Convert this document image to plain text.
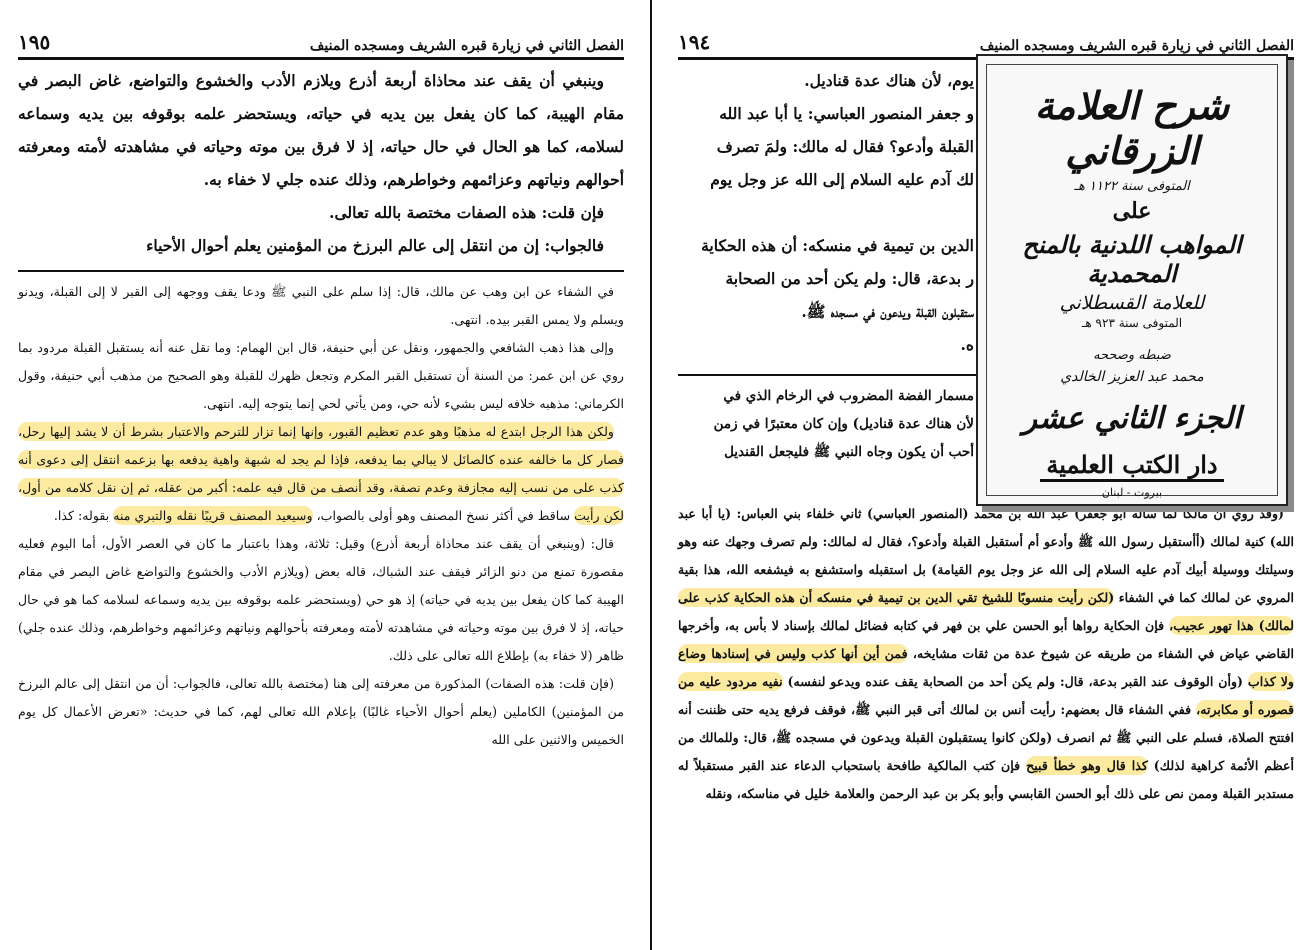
الفصل الثاني في زيارة قبره الشريف ومسجده المنيف
١٩٥

وينبغي أن يقف عند محاذاة أربعة أذرع ويلازم الأدب والخشوع والتواضع، غاض البصر في مقام الهيبة، كما كان يفعل بين يديه في حياته، ويستحضر علمه بوقوفه بين يديه وسماعه لسلامه، كما هو الحال في حال حياته، إذ لا فرق بين موته وحياته في مشاهدته لأمته ومعرفته أحوالهم ونياتهم وعزائمهم وخواطرهم، وذلك عنده جلي لا خفاء به.

فإن قلت: هذه الصفات مختصة بالله تعالى.

فالجواب: إن من انتقل إلى عالم البرزخ من المؤمنين يعلم أحوال الأحياء

في الشفاء عن ابن وهب عن مالك، قال: إذا سلم على النبي ﷺ ودعا يقف ووجهه إلى القبر لا إلى القبلة، ويدنو ويسلم ولا يمس القبر بيده. انتهى.

وإلى هذا ذهب الشافعي والجمهور، ونقل عن أبي حنيفة، قال ابن الهمام: وما نقل عنه أنه يستقبل القبلة مردود بما روي عن ابن عمر: من السنة أن تستقبل القبر المكرم وتجعل ظهرك للقبلة وهو الصحيح من مذهب أبي حنيفة، وقول الكرماني: مذهبه خلافه ليس بشيء لأنه حي، ومن يأتي لحي إنما يتوجه إليه. انتهى.

ولكن هذا الرجل ابتدع له مذهبًا وهو عدم تعظيم القبور، وإنها إنما تزار للترحم والاعتبار بشرط أن لا يشد إليها رحل، فصار كل ما خالفه عنده كالصائل لا يبالي بما يدفعه، فإذا لم يجد له شبهة واهية يدفعه بها بزعمه انتقل إلى دعوى أنه كذب على من نسب إليه مجازفة وعدم نصفة، وقد أنصف من قال فيه علمه: أكبر من عقله، ثم إن نقل كلامه من أول، لكن رأيت ساقط في أكثر نسخ المصنف وهو أولى بالصواب، وسيعيد المصنف قريبًا نقله والتبري منه بقوله: كذا.

قال: (وينبغي أن يقف عند محاذاة أربعة أذرع) وقيل: ثلاثة، وهذا باعتبار ما كان في العصر الأول، أما اليوم فعليه مقصورة تمنع من دنو الزائر فيقف عند الشباك، قاله بعض (ويلازم الأدب والخشوع والتواضع غاض البصر في مقام الهيبة كما كان يفعل بين يديه في حياته) إذ هو حي (ويستحضر علمه بوقوفه بين يديه وسماعه لسلامه كما هو في حال حياته، إذ لا فرق بين موته وحياته في مشاهدته لأمته ومعرفته بأحوالهم ونياتهم وعزائمهم وخواطرهم، وذلك عنده جلي) ظاهر (لا خفاء به) بإطلاع الله تعالى على ذلك.

(فإن قلت: هذه الصفات) المذكورة من معرفته إلى هنا (مختصة بالله تعالى، فالجواب: أن من انتقل إلى عالم البرزخ من المؤمنين) الكاملين (يعلم أحوال الأحياء غالبًا) بإعلام الله تعالى لهم، كما في حديث: «تعرض الأعمال كل يوم الخميس والاثنين على الله

الفصل الثاني في زيارة قبره الشريف ومسجده المنيف
١٩٤

يوم، لأن هناك عدة قناديل.

و جعفر المنصور العباسي: يا أبا عبد الله

القبلة وأدعو؟ فقال له مالك: ولمَ تصرف

لك آدم عليه السلام إلى الله عز وجل يوم

الدين بن تيمية في منسكه: أن هذه الحكاية

ر بدعة، قال: ولم يكن أحد من الصحابة

ستقبلون القبلة ويدعون في مسجده ﷺ.

ه.

مسمار الفضة المضروب في الرخام الذي في
لأن هناك عدة قناديل) وإن كان معتبرًا في زمن
أحب أن يكون وجاه النبي ﷺ فليجعل القنديل

(وقد روي أن مالكًا لما سأله أبو جعفر) عبد الله بن محمد (المنصور العباسي) ثاني خلفاء بني العباس: (يا أبا عبد الله) كنية لمالك (أأستقبل رسول الله ﷺ وأدعو أم أستقبل القبلة وأدعو؟، فقال له لمالك: ولم تصرف وجهك عنه وهو وسيلتك ووسيلة أبيك آدم عليه السلام إلى الله عز وجل يوم القيامة) بل استقبله واستشفع به فيشفعه الله، هذا بقية المروي عن لمالك كما في الشفاء (لكن رأيت منسوبًا للشيخ تقي الدين بن تيمية في منسكه أن هذه الحكاية كذب على لمالك) هذا تهور عجيب، فإن الحكاية رواها أبو الحسن علي بن فهر في كتابه فضائل لمالك بإسناد لا بأس به، وأخرجها القاضي عياض في الشفاء من طريقه عن شيوخ عدة من ثقات مشايخه، فمن أين أنها كذب وليس في إسنادها وضاع ولا كذاب (وأن الوقوف عند القبر بدعة، قال: ولم يكن أحد من الصحابة يقف عنده ويدعو لنفسه) نفيه مردود عليه من قصوره أو مكابرته، ففي الشفاء قال بعضهم: رأيت أنس بن لمالك أتى قبر النبي ﷺ، فوقف فرفع يديه حتى ظننت أنه افتتح الصلاة، فسلم على النبي ﷺ ثم انصرف (ولكن كانوا يستقبلون القبلة ويدعون في مسجده ﷺ، قال: وللمالك من أعظم الأئمة كراهية لذلك) كذا قال وهو خطأ قبيح فإن كتب المالكية طافحة باستحباب الدعاء عند القبر مستقبلاً له مستدبر القبلة وممن نص على ذلك أبو الحسن القابسي وأبو بكر بن عبد الرحمن والعلامة خليل في مناسكه، ونقله

شرح العلامة الزرقاني
المتوفى سنة ١١٢٢ هـ
على
المواهب اللدنية بالمنح المحمدية
للعلامة القسطلاني
المتوفى سنة ٩٢٣ هـ
ضبطه وصححه
محمد عبد العزيز الخالدي
الجزء الثاني عشر
دار الكتب العلمية
بيروت - لبنان
